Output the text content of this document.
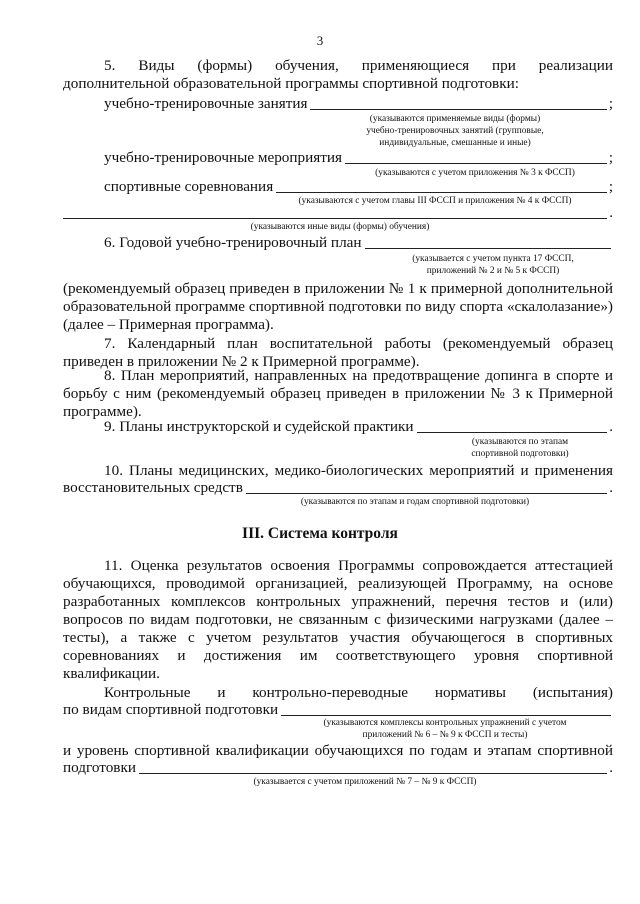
3
5. Виды (формы) обучения, применяющиеся при реализации
дополнительной образовательной программы спортивной подготовки:
учебно-тренировочные занятия	;
(указываются применяемые виды (формы)
учебно-тренировочных занятий (групповые,
индивидуальные, смешанные и иные)
учебно-тренировочные мероприятия	;
(указываются с учетом приложения № 3 к ФССП)
спортивные соревнования	;
(указываются с учетом главы III ФССП и приложения № 4 к ФССП)
.
(указываются иные виды (формы) обучения)
6. Годовой учебно-тренировочный план
(указывается с учетом пункта 17 ФССП,
приложений № 2 и № 5 к ФССП)
(рекомендуемый образец приведен в приложении № 1 к примерной дополнительной образовательной программе спортивной подготовки по виду спорта «скалолазание») (далее – Примерная программа).
7. Календарный план воспитательной работы (рекомендуемый образец приведен в приложении № 2 к Примерной программе).
8. План мероприятий, направленных на предотвращение допинга в спорте и борьбу с ним (рекомендуемый образец приведен в приложении № 3 к Примерной программе).
9. Планы инструкторской и судейской практики	.
(указываются по этапам
спортивной подготовки)
10. Планы медицинских, медико-биологических мероприятий и применения
восстановительных средств	.
(указываются по этапам и годам спортивной подготовки)
III. Система контроля
11. Оценка результатов освоения Программы сопровождается аттестацией обучающихся, проводимой организацией, реализующей Программу, на основе разработанных комплексов контрольных упражнений, перечня тестов и (или) вопросов по видам подготовки, не связанным с физическими нагрузками (далее – тесты), а также с учетом результатов участия обучающегося в спортивных соревнованиях и достижения им соответствующего уровня спортивной квалификации.
Контрольные и контрольно-переводные нормативы (испытания)
по видам спортивной подготовки
(указываются комплексы контрольных упражнений с учетом
приложений № 6 – № 9 к ФССП и тесты)
и уровень спортивной квалификации обучающихся по годам и этапам спортивной
подготовки	.
(указывается с учетом приложений № 7 – № 9 к ФССП)
